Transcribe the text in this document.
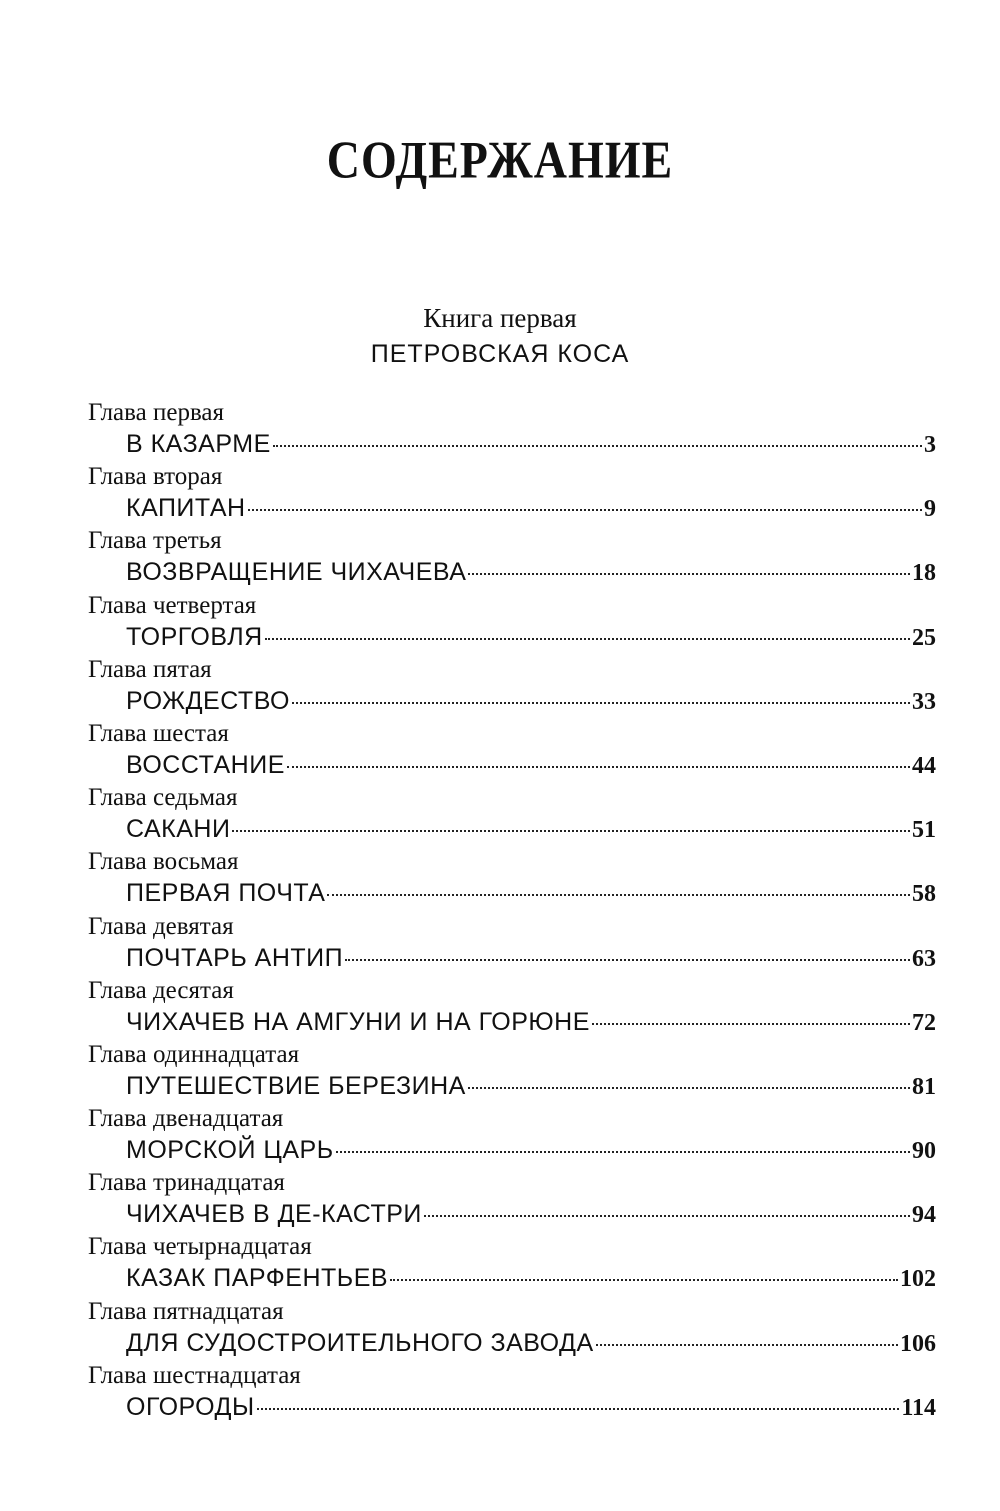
СОДЕРЖАНИЕ
Книга первая
ПЕТРОВСКАЯ КОСА
Глава первая
В КАЗАРМЕ	3
Глава вторая
КАПИТАН	9
Глава третья
ВОЗВРАЩЕНИЕ ЧИХАЧЕВА	18
Глава четвертая
ТОРГОВЛЯ	25
Глава пятая
РОЖДЕСТВО	33
Глава шестая
ВОССТАНИЕ	44
Глава седьмая
САКАНИ	51
Глава восьмая
ПЕРВАЯ ПОЧТА	58
Глава девятая
ПОЧТАРЬ АНТИП	63
Глава десятая
ЧИХАЧЕВ НА АМГУНИ И НА ГОРЮНЕ	72
Глава одиннадцатая
ПУТЕШЕСТВИЕ БЕРЕЗИНА	81
Глава двенадцатая
МОРСКОЙ ЦАРЬ	90
Глава тринадцатая
ЧИХАЧЕВ В ДЕ-КАСТРИ	94
Глава четырнадцатая
КАЗАК ПАРФЕНТЬЕВ	102
Глава пятнадцатая
ДЛЯ СУДОСТРОИТЕЛЬНОГО ЗАВОДА	106
Глава шестнадцатая
ОГОРОДЫ	114
